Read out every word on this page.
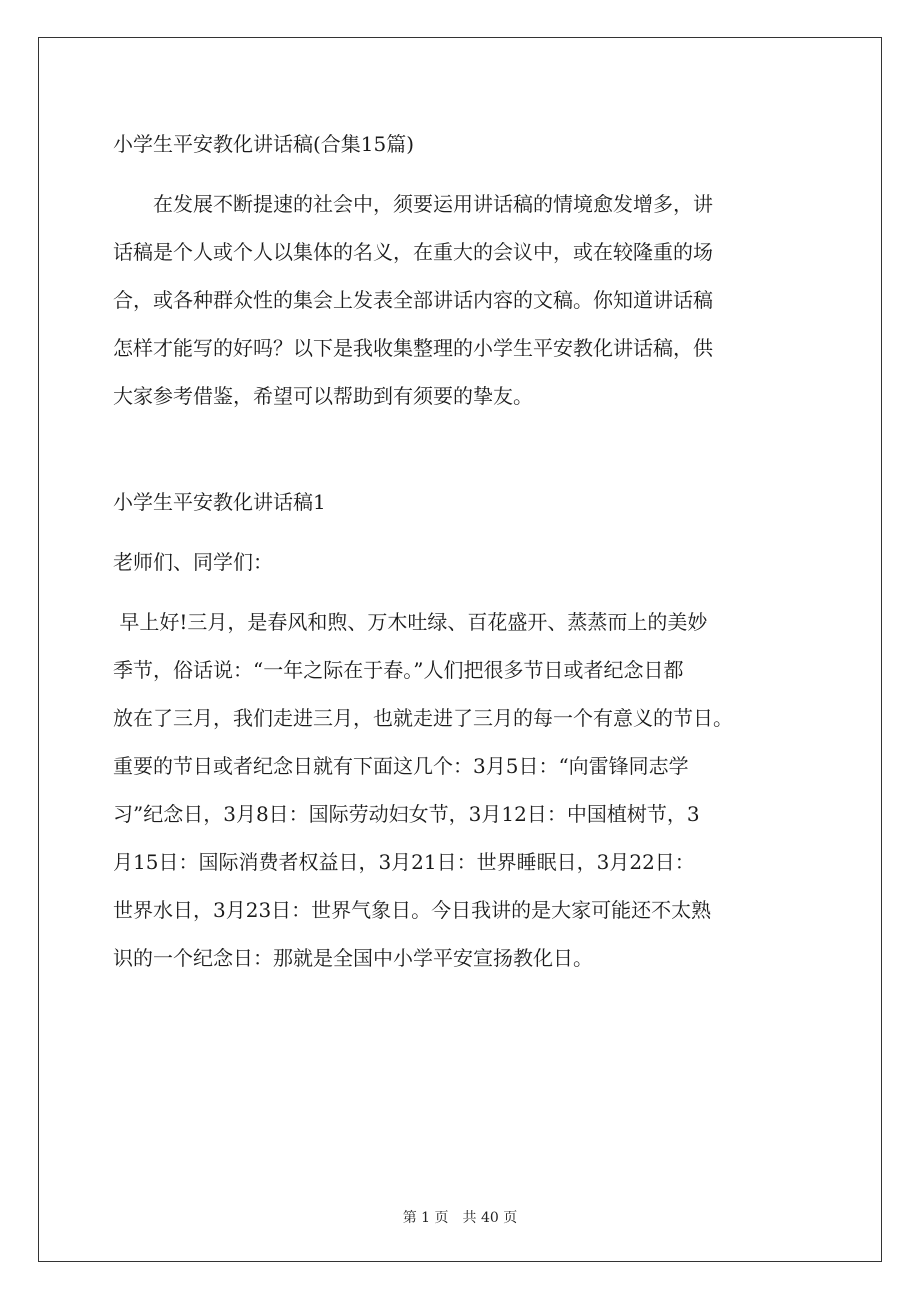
小学生平安教化讲话稿(合集15篇)

　　在发展不断提速的社会中，须要运用讲话稿的情境愈发增多，讲
话稿是个人或个人以集体的名义，在重大的会议中，或在较隆重的场
合，或各种群众性的集会上发表全部讲话内容的文稿。你知道讲话稿
怎样才能写的好吗？以下是我收集整理的小学生平安教化讲话稿，供
大家参考借鉴，希望可以帮助到有须要的挚友。

小学生平安教化讲话稿1
老师们、同学们：

早上好!三月，是春风和煦、万木吐绿、百花盛开、蒸蒸而上的美妙
季节，俗话说：“一年之际在于春。”人们把很多节日或者纪念日都
放在了三月，我们走进三月，也就走进了三月的每一个有意义的节日。
重要的节日或者纪念日就有下面这几个：3月5日：“向雷锋同志学
习”纪念日，3月8日：国际劳动妇女节，3月12日：中国植树节，3
月15日：国际消费者权益日，3月21日：世界睡眠日，3月22日：
世界水日，3月23日：世界气象日。今日我讲的是大家可能还不太熟
识的一个纪念日：那就是全国中小学平安宣扬教化日。

第 1 页　共 40 页
